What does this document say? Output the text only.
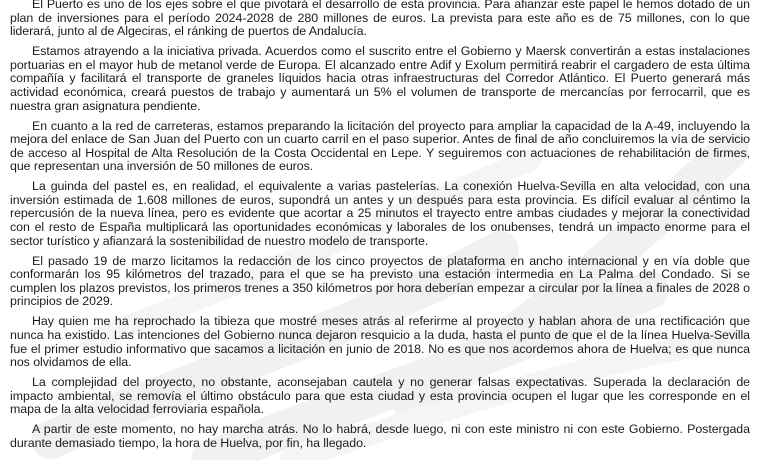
El Puerto es uno de los ejes sobre el que pivotará el desarrollo de esta provincia. Para afianzar este papel le hemos dotado de un plan de inversiones para el período 2024-2028 de 280 millones de euros. La prevista para este año es de 75 millones, con lo que liderará, junto al de Algeciras, el ránking de puertos de Andalucía.

Estamos atrayendo a la iniciativa privada. Acuerdos como el suscrito entre el Gobierno y Maersk convertirán a estas instalaciones portuarias en el mayor hub de metanol verde de Europa. El alcanzado entre Adif y Exolum permitirá reabrir el cargadero de esta última compañía y facilitará el transporte de graneles líquidos hacia otras infraestructuras del Corredor Atlántico. El Puerto generará más actividad económica, creará puestos de trabajo y aumentará un 5% el volumen de transporte de mercancías por ferrocarril, que es nuestra gran asignatura pendiente.

En cuanto a la red de carreteras, estamos preparando la licitación del proyecto para ampliar la capacidad de la A-49, incluyendo la mejora del enlace de San Juan del Puerto con un cuarto carril en el paso superior. Antes de final de año concluiremos la vía de servicio de acceso al Hospital de Alta Resolución de la Costa Occidental en Lepe. Y seguiremos con actuaciones de rehabilitación de firmes, que representan una inversión de 50 millones de euros.

La guinda del pastel es, en realidad, el equivalente a varias pastelerías. La conexión Huelva-Sevilla en alta velocidad, con una inversión estimada de 1.608 millones de euros, supondrá un antes y un después para esta provincia. Es difícil evaluar al céntimo la repercusión de la nueva línea, pero es evidente que acortar a 25 minutos el trayecto entre ambas ciudades y mejorar la conectividad con el resto de España multiplicará las oportunidades económicas y laborales de los onubenses, tendrá un impacto enorme para el sector turístico y afianzará la sostenibilidad de nuestro modelo de transporte.

El pasado 19 de marzo licitamos la redacción de los cinco proyectos de plataforma en ancho internacional y en vía doble que conformarán los 95 kilómetros del trazado, para el que se ha previsto una estación intermedia en La Palma del Condado. Si se cumplen los plazos previstos, los primeros trenes a 350 kilómetros por hora deberían empezar a circular por la línea a finales de 2028 o principios de 2029.

Hay quien me ha reprochado la tibieza que mostré meses atrás al referirme al proyecto y hablan ahora de una rectificación que nunca ha existido. Las intenciones del Gobierno nunca dejaron resquicio a la duda, hasta el punto de que el de la línea Huelva-Sevilla fue el primer estudio informativo que sacamos a licitación en junio de 2018. No es que nos acordemos ahora de Huelva; es que nunca nos olvidamos de ella.

La complejidad del proyecto, no obstante, aconsejaban cautela y no generar falsas expectativas. Superada la declaración de impacto ambiental, se removía el último obstáculo para que esta ciudad y esta provincia ocupen el lugar que les corresponde en el mapa de la alta velocidad ferroviaria española.

A partir de este momento, no hay marcha atrás. No lo habrá, desde luego, ni con este ministro ni con este Gobierno. Postergada durante demasiado tiempo, la hora de Huelva, por fin, ha llegado.
